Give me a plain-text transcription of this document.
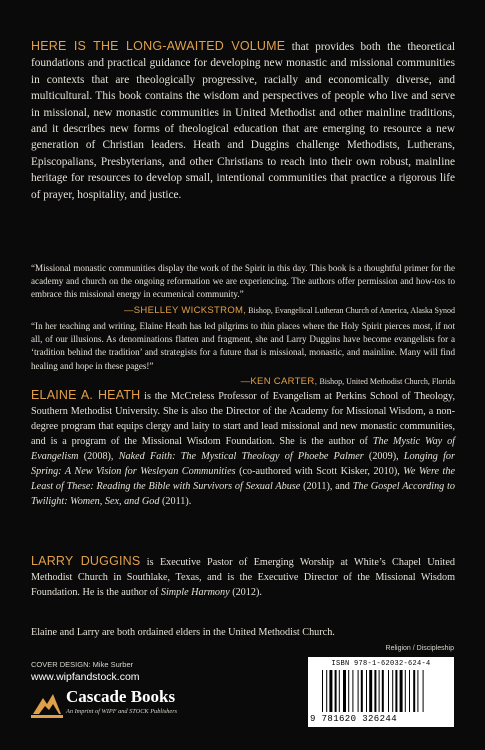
HERE IS THE LONG-AWAITED VOLUME that provides both the theoretical foundations and practical guidance for developing new monastic and missional communities in contexts that are theologically progressive, racially and economically diverse, and multicultural. This book contains the wisdom and perspectives of people who live and serve in missional, new monastic communities in United Methodist and other mainline traditions, and it describes new forms of theological education that are emerging to resource a new generation of Christian leaders. Heath and Duggins challenge Methodists, Lutherans, Episcopalians, Presbyterians, and other Christians to reach into their own robust, mainline heritage for resources to develop small, intentional communities that practice a rigorous life of prayer, hospitality, and justice.

“Missional monastic communities display the work of the Spirit in this day. This book is a thoughtful primer for the academy and church on the ongoing reformation we are experiencing. The authors offer permission and how-tos to embrace this missional energy in ecumenical community.”
—SHELLEY WICKSTROM, Bishop, Evangelical Lutheran Church of America, Alaska Synod
“In her teaching and writing, Elaine Heath has led pilgrims to thin places where the Holy Spirit pierces most, if not all, of our illusions. As denominations flatten and fragment, she and Larry Duggins have become evangelists for a ‘tradition behind the tradition’ and strategists for a future that is missional, monastic, and mainline. Many will find healing and hope in these pages!”
—KEN CARTER, Bishop, United Methodist Church, Florida

ELAINE A. HEATH is the McCreless Professor of Evangelism at Perkins School of Theology, Southern Methodist University. She is also the Director of the Academy for Missional Wisdom, a non-degree program that equips clergy and laity to start and lead missional and new monastic communities, and is a program of the Missional Wisdom Foundation. She is the author of The Mystic Way of Evangelism (2008), Naked Faith: The Mystical Theology of Phoebe Palmer (2009), Longing for Spring: A New Vision for Wesleyan Communities (co-authored with Scott Kisker, 2010), We Were the Least of These: Reading the Bible with Survivors of Sexual Abuse (2011), and The Gospel According to Twilight: Women, Sex, and God (2011).

LARRY DUGGINS is Executive Pastor of Emerging Worship at White’s Chapel United Methodist Church in Southlake, Texas, and is the Executive Director of the Missional Wisdom Foundation. He is the author of Simple Harmony (2012).

Elaine and Larry are both ordained elders in the United Methodist Church.
Religion / Discipleship
COVER DESIGN: Mike Surber
www.wipfandstock.com
Cascade Books
An Imprint of WIPF and STOCK Publishers
ISBN 978-1-62032-624-4
9 781620 326244
